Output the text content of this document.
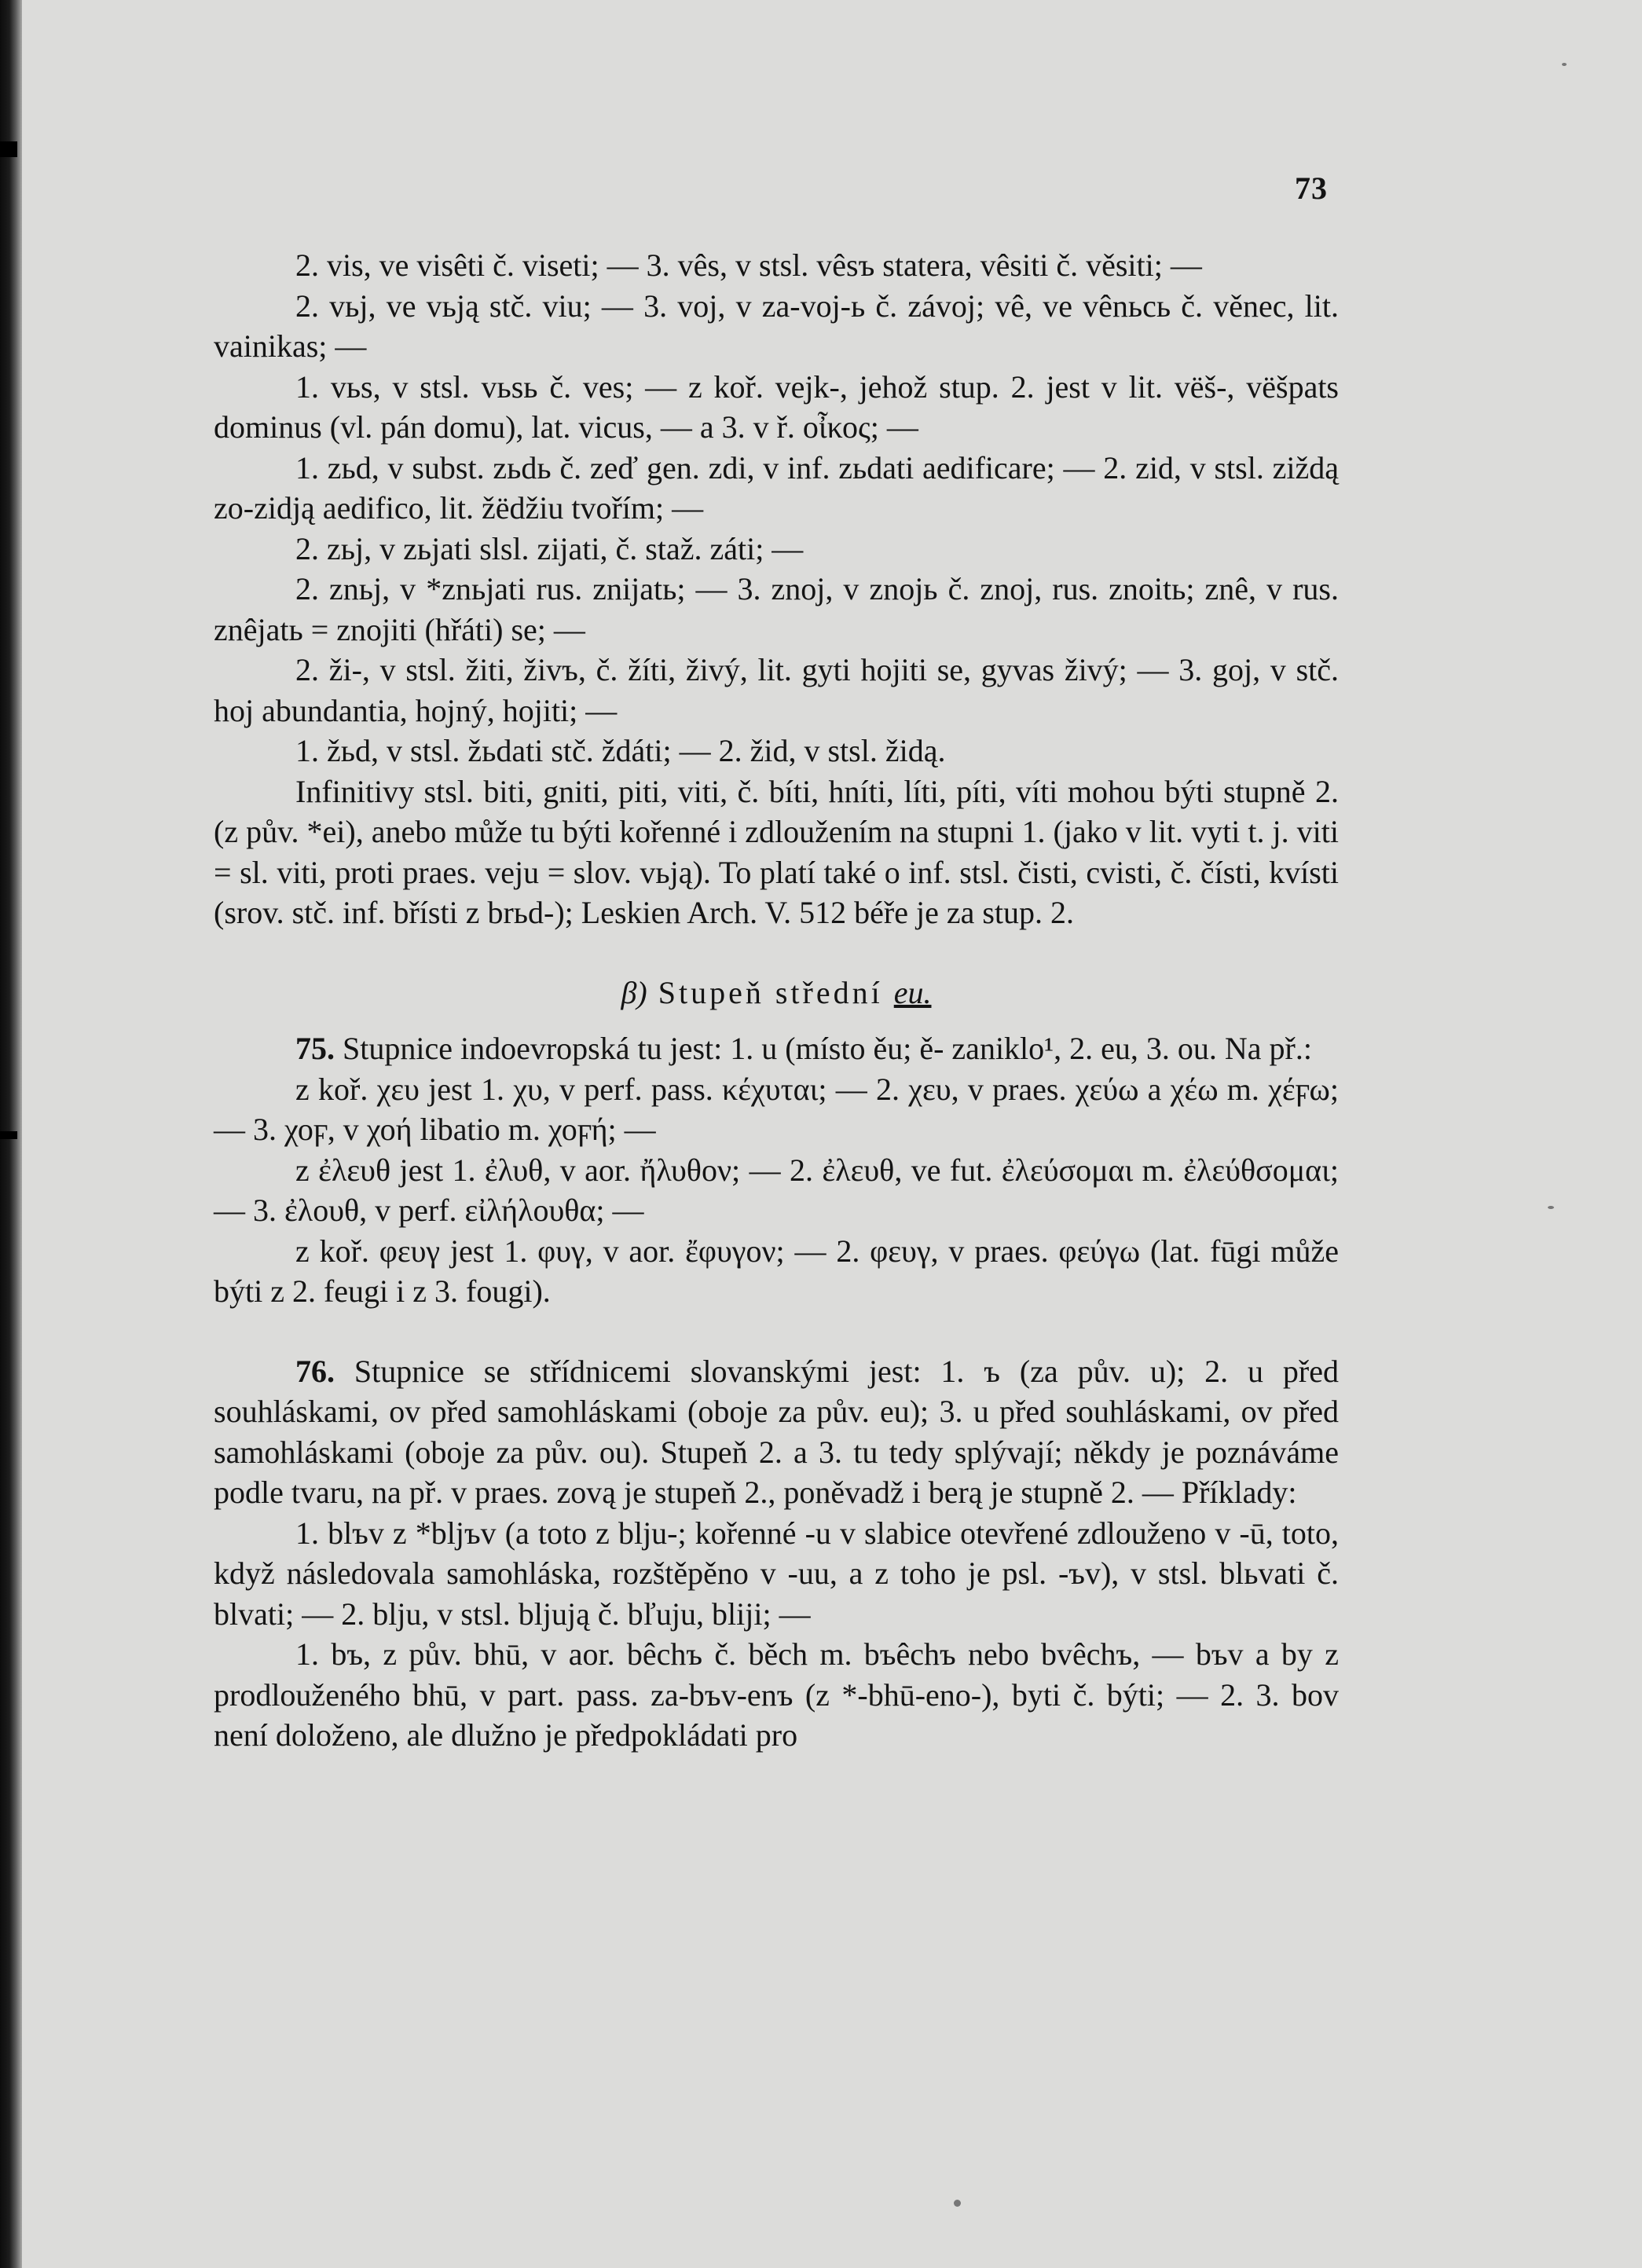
73

2. vis, ve visêti č. viseti; — 3. vês, v stsl. vêsъ statera, vêsiti č. věsiti; —

2. vьj, ve vьją stč. viu; — 3. voj, v za-voj-ь č. závoj; vê, ve vênьcь č. věnec, lit. vainikas; —

1. vьs, v stsl. vьsь č. ves; — z koř. vejk-, jehož stup. 2. jest v lit. vëš-, vëšpats dominus (vl. pán domu), lat. vicus, — a 3. v ř. οἶκος; —

1. zьd, v subst. zьdь č. zeď gen. zdi, v inf. zьdati aedificare; — 2. zid, v stsl. ziždą zo-zidją aedifico, lit. žëdžiu tvořím; —

2. zьj, v zьjati slsl. zijati, č. staž. záti; —

2. znьj, v *znьjati rus. znijatь; — 3. znoj, v znojь č. znoj, rus. znoitь; znê, v rus. znêjatь = znojiti (hřáti) se; —

2. ži-, v stsl. žiti, živъ, č. žíti, živý, lit. gyti hojiti se, gyvas živý; — 3. goj, v stč. hoj abundantia, hojný, hojiti; —

1. žьd, v stsl. žьdati stč. ždáti; — 2. žid, v stsl. židą.

Infinitivy stsl. biti, gniti, piti, viti, č. bíti, hníti, líti, píti, víti mohou býti stupně 2. (z pův. *ei), anebo může tu býti kořenné i zdloužením na stupni 1. (jako v lit. vyti t. j. viti = sl. viti, proti praes. veju = slov. vьją). To platí také o inf. stsl. čisti, cvisti, č. čísti, kvísti (srov. stč. inf. břísti z brьd-); Leskien Arch. V. 512 béře je za stup. 2.

β) Stupeň střední eu.

75. Stupnice indoevropská tu jest: 1. u (místo ěu; ě- zaniklo¹, 2. eu, 3. ou. Na př.:

z koř. χευ jest 1. χυ, v perf. pass. κέχυται; — 2. χευ, v praes. χεύω a χέω m. χέϝω; — 3. χοϝ, v χοή libatio m. χοϝή; —

z ἐλευθ jest 1. ἐλυθ, v aor. ἤλυθον; — 2. ἐλευθ, ve fut. ἐλεύσομαι m. ἐλεύθσομαι; — 3. ἐλουθ, v perf. εἰλήλουθα; —

z koř. φευγ jest 1. φυγ, v aor. ἔφυγον; — 2. φευγ, v praes. φεύγω (lat. fūgi může býti z 2. feugi i z 3. fougi).

76. Stupnice se střídnicemi slovanskými jest: 1. ъ (za pův. u); 2. u před souhláskami, ov před samohláskami (oboje za pův. eu); 3. u před souhláskami, ov před samohláskami (oboje za pův. ou). Stupeň 2. a 3. tu tedy splývají; někdy je poznáváme podle tvaru, na př. v praes. zovą je stupeň 2., poněvadž i berą je stupně 2. — Příklady:

1. blъv z *bljъv (a toto z blju-; kořenné -u v slabice otevřené zdlouženo v -ū, toto, když následovala samohláska, rozštěpěno v -uu, a z toho je psl. -ъv), v stsl. blьvati č. blvati; — 2. blju, v stsl. bljują č. bľuju, bliji; —

1. bъ, z pův. bhū, v aor. bêchъ č. běch m. bъêchъ nebo bvêchъ, — bъv a by z prodlouženého bhū, v part. pass. za-bъv-enъ (z *-bhū-eno-), byti č. býti; — 2. 3. bov není doloženo, ale dlužno je předpokládati pro
